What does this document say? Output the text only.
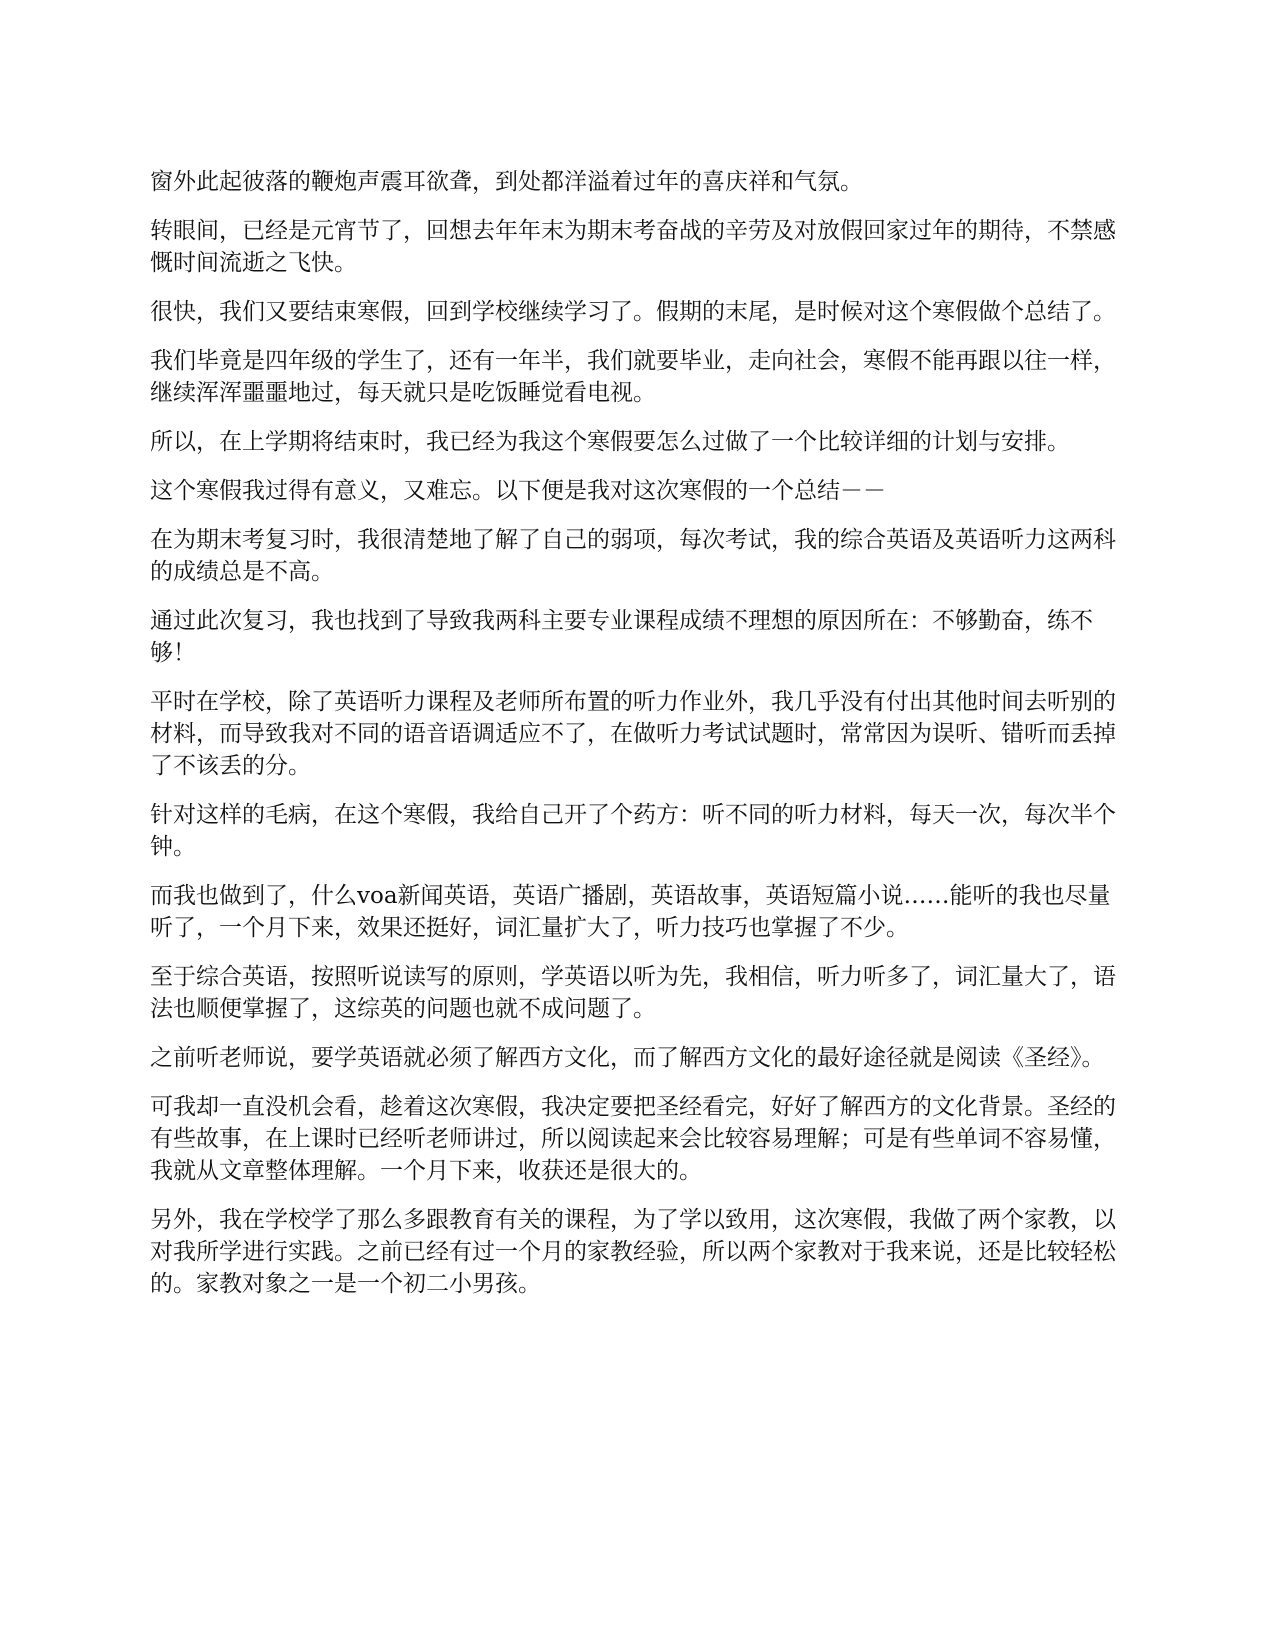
窗外此起彼落的鞭炮声震耳欲聋，到处都洋溢着过年的喜庆祥和气氛。

转眼间，已经是元宵节了，回想去年年末为期末考奋战的辛劳及对放假回家过年的期待，不禁感慨时间流逝之飞快。

很快，我们又要结束寒假，回到学校继续学习了。假期的末尾，是时候对这个寒假做个总结了。

我们毕竟是四年级的学生了，还有一年半，我们就要毕业，走向社会，寒假不能再跟以往一样，继续浑浑噩噩地过，每天就只是吃饭睡觉看电视。

所以，在上学期将结束时，我已经为我这个寒假要怎么过做了一个比较详细的计划与安排。

这个寒假我过得有意义，又难忘。以下便是我对这次寒假的一个总结－－

在为期末考复习时，我很清楚地了解了自己的弱项，每次考试，我的综合英语及英语听力这两科的成绩总是不高。

通过此次复习，我也找到了导致我两科主要专业课程成绩不理想的原因所在：不够勤奋，练不够！

平时在学校，除了英语听力课程及老师所布置的听力作业外，我几乎没有付出其他时间去听别的材料，而导致我对不同的语音语调适应不了，在做听力考试试题时，常常因为误听、错听而丢掉了不该丢的分。

针对这样的毛病，在这个寒假，我给自己开了个药方：听不同的听力材料，每天一次，每次半个钟。

而我也做到了，什么voa新闻英语，英语广播剧，英语故事，英语短篇小说……能听的我也尽量听了，一个月下来，效果还挺好，词汇量扩大了，听力技巧也掌握了不少。

至于综合英语，按照听说读写的原则，学英语以听为先，我相信，听力听多了，词汇量大了，语法也顺便掌握了，这综英的问题也就不成问题了。

之前听老师说，要学英语就必须了解西方文化，而了解西方文化的最好途径就是阅读《圣经》。

可我却一直没机会看，趁着这次寒假，我决定要把圣经看完，好好了解西方的文化背景。圣经的有些故事，在上课时已经听老师讲过，所以阅读起来会比较容易理解；可是有些单词不容易懂，我就从文章整体理解。一个月下来，收获还是很大的。

另外，我在学校学了那么多跟教育有关的课程，为了学以致用，这次寒假，我做了两个家教，以对我所学进行实践。之前已经有过一个月的家教经验，所以两个家教对于我来说，还是比较轻松的。家教对象之一是一个初二小男孩。
